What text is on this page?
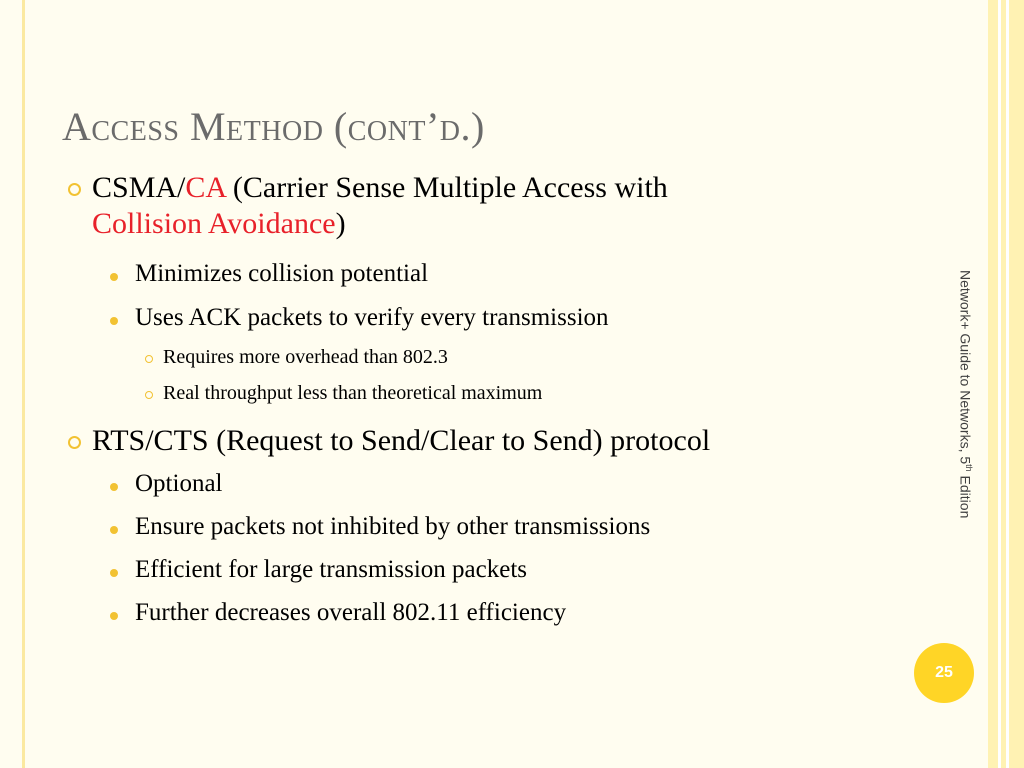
Access Method (cont’d.)
CSMA/CA (Carrier Sense Multiple Access with
Collision Avoidance)
Minimizes collision potential
Uses ACK packets to verify every transmission
Requires more overhead than 802.3
Real throughput less than theoretical maximum
RTS/CTS (Request to Send/Clear to Send) protocol
Optional
Ensure packets not inhibited by other transmissions
Efficient for large transmission packets
Further decreases overall 802.11 efficiency
Network+ Guide to Networks, 5th Edition
25
